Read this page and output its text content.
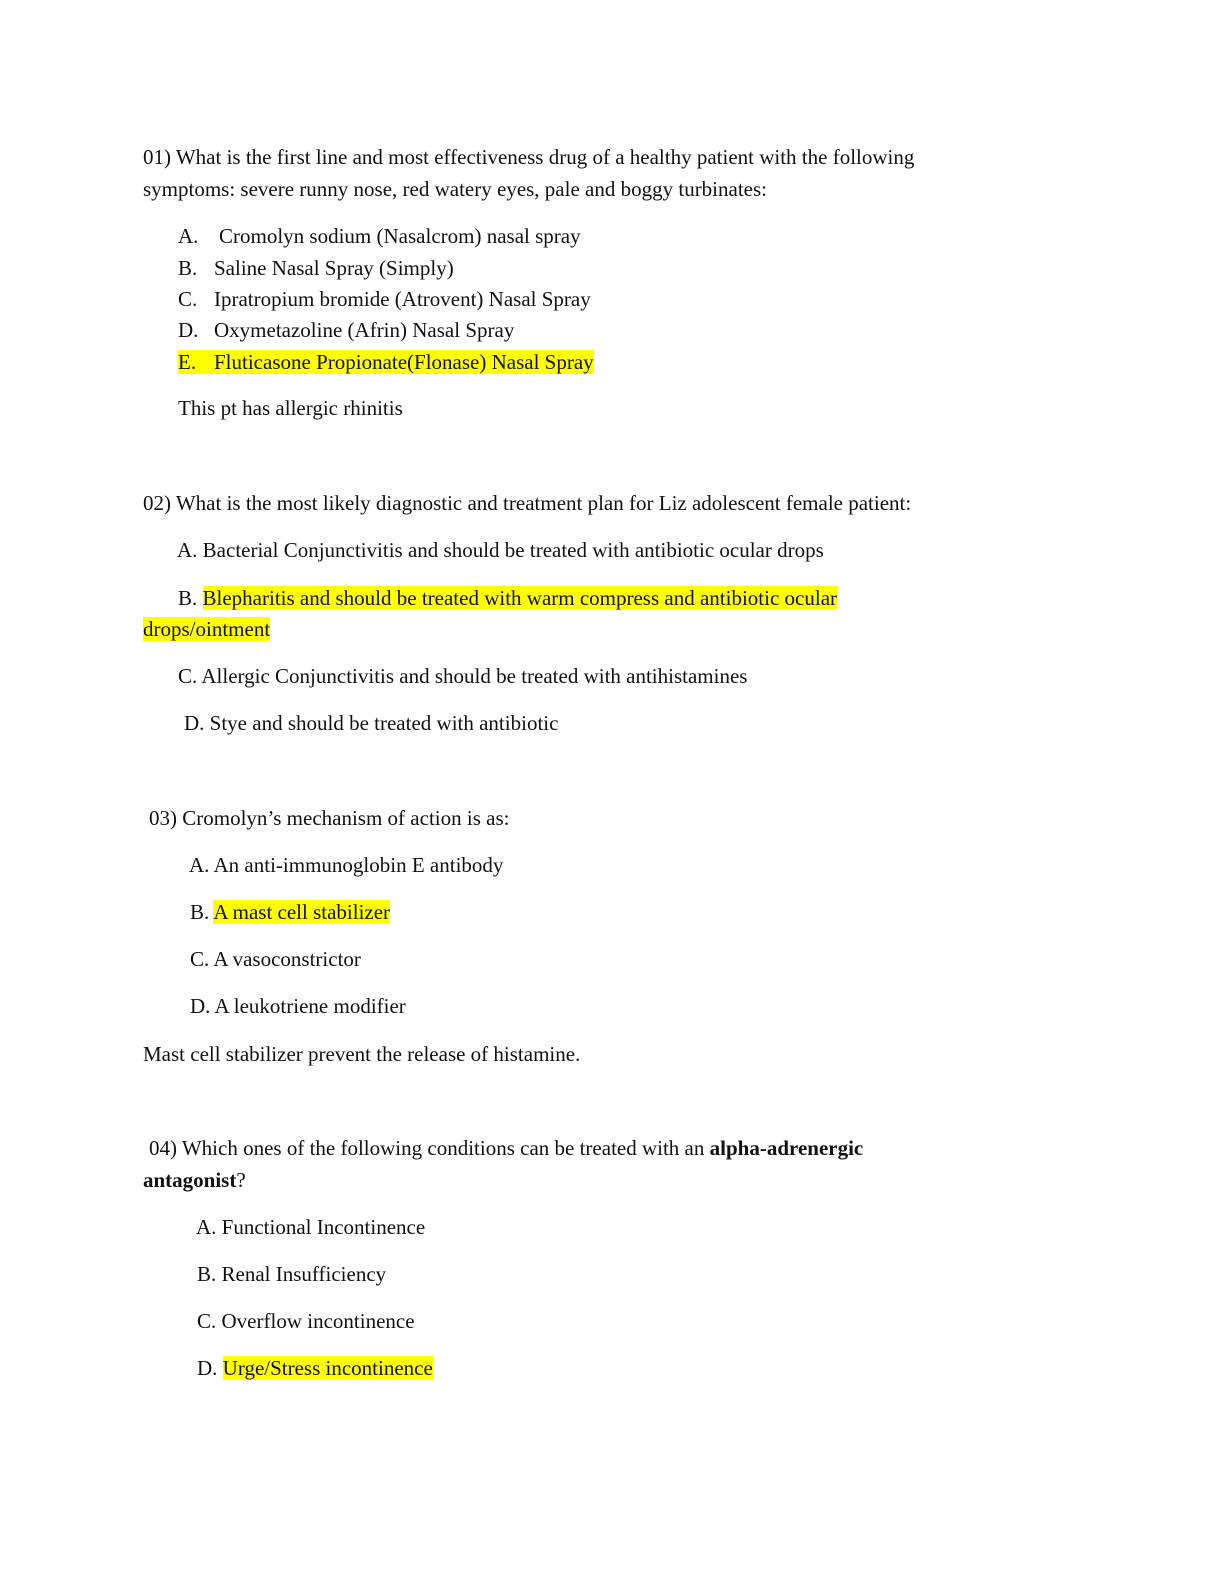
01) What is the first line and most effectiveness drug of a healthy patient with the following
symptoms: severe runny nose, red watery eyes, pale and boggy turbinates:
A. Cromolyn sodium (Nasalcrom) nasal spray
B. Saline Nasal Spray (Simply)
C. Ipratropium bromide (Atrovent) Nasal Spray
D. Oxymetazoline (Afrin) Nasal Spray
E. Fluticasone Propionate(Flonase) Nasal Spray
This pt has allergic rhinitis
02) What is the most likely diagnostic and treatment plan for Liz adolescent female patient:
A. Bacterial Conjunctivitis and should be treated with antibiotic ocular drops
B. Blepharitis and should be treated with warm compress and antibiotic ocular
drops/ointment
C. Allergic Conjunctivitis and should be treated with antihistamines
D. Stye and should be treated with antibiotic
03) Cromolyn’s mechanism of action is as:
A. An anti-immunoglobin E antibody
B. A mast cell stabilizer
C. A vasoconstrictor
D. A leukotriene modifier
Mast cell stabilizer prevent the release of histamine.
04) Which ones of the following conditions can be treated with an alpha-adrenergic
antagonist?
A. Functional Incontinence
B. Renal Insufficiency
C. Overflow incontinence
D. Urge/Stress incontinence
